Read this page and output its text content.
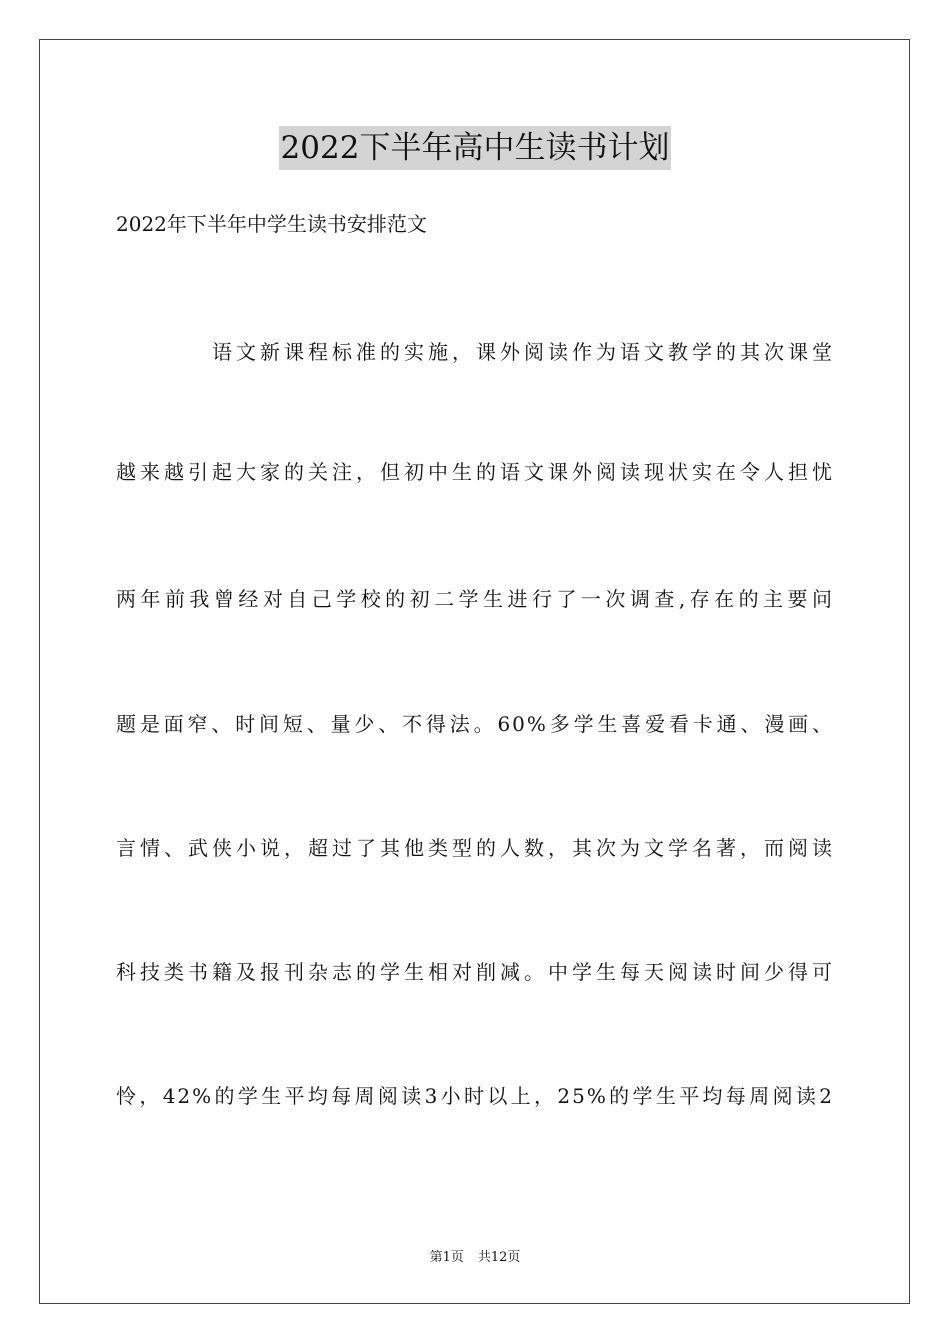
2022下半年高中生读书计划
2022年下半年中学生读书安排范文
语文新课程标准的实施，课外阅读作为语文教学的其次课堂
越来越引起大家的关注，但初中生的语文课外阅读现状实在令人担忧
两年前我曾经对自己学校的初二学生进行了一次调查,存在的主要问
题是面窄、时间短、量少、不得法。60%多学生喜爱看卡通、漫画、
言情、武侠小说，超过了其他类型的人数，其次为文学名著，而阅读
科技类书籍及报刊杂志的学生相对削减。中学生每天阅读时间少得可
怜，42%的学生平均每周阅读3小时以上，25%的学生平均每周阅读2
第1页 共12页
